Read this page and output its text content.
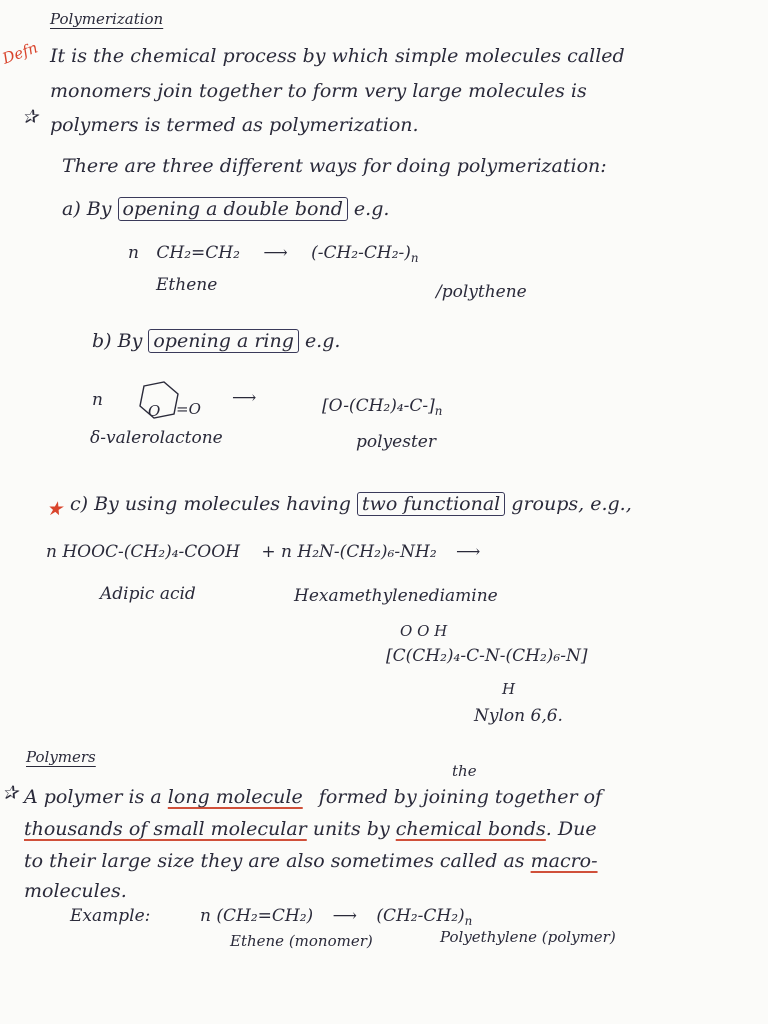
Polymerization
Defn It is the chemical process by which simple molecules called
monomers join together to form very large molecules is
✰ polymers is termed as polymerization.
There are three different ways for doing polymerization:
a) By opening a double bond e.g.
n CH₂=CH₂ ⟶ $(-CH_2-CH_2-)_n$
Ethene	/polythene
b) By opening a ring e.g.
n
O =O
⟶	$[O-(CH_2)_4-C-]_n$
δ-valerolactone	polyester
★ c) By using molecules having two functional groups, e.g.,
n HOOC-(CH₂)₄-COOH + n H₂N-(CH₂)₆-NH₂ ⟶
Adipic acid	Hexamethylenediamine
O O H
[C(CH₂)₄-C-N-(CH₂)₆-N]
H
Nylon 6,6.
Polymers
the
✰ A polymer is a long molecule formed by joining together of
thousands of small molecular units by chemical bonds. Due
to their large size they are also sometimes called as macro-
molecules.
Example:	n (CH₂=CH₂) ⟶ $(CH_2-CH_2)_n$
Ethene (monomer)	Polyethylene (polymer)
